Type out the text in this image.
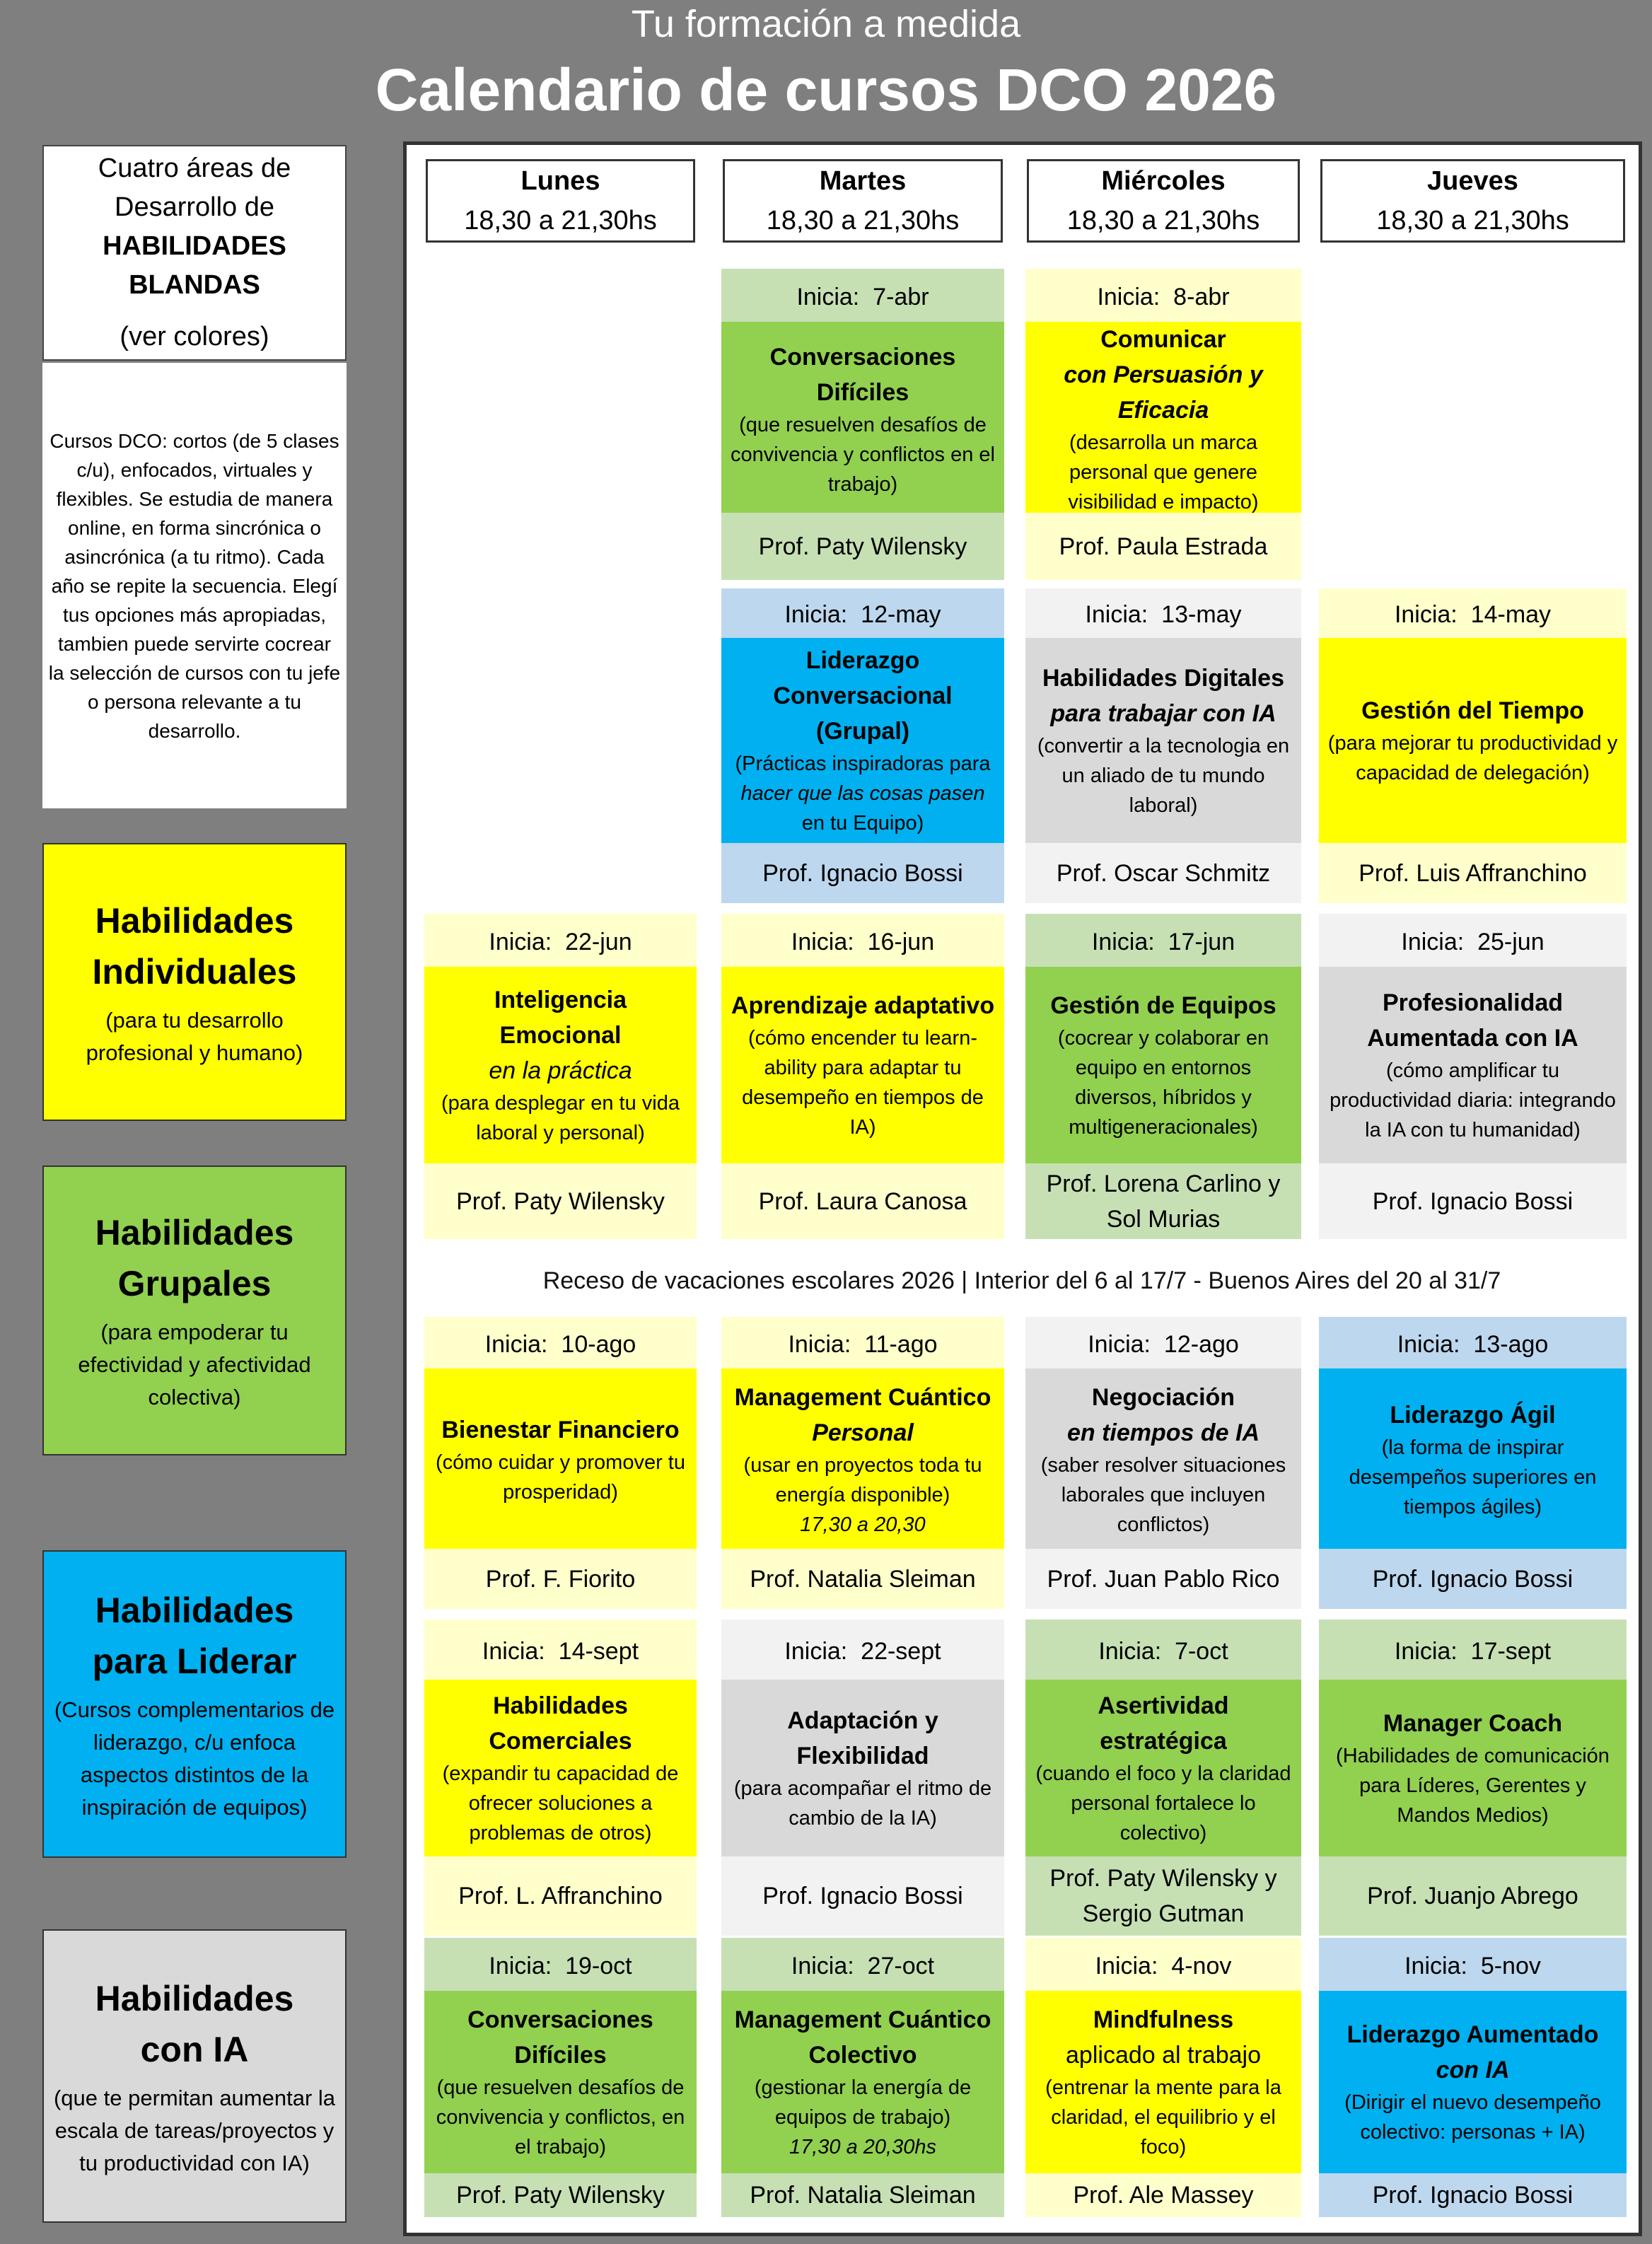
Tu formación a medida
Calendario de cursos DCO 2026
Cuatro áreas de
Desarrollo de
HABILIDADES
BLANDAS
(ver colores)
Cursos DCO: cortos (de 5 clases c/u), enfocados, virtuales y flexibles. Se estudia de manera online, en forma sincrónica o asincrónica (a tu ritmo). Cada año se repite la secuencia. Elegí tus opciones más apropiadas, tambien puede servirte cocrear la selección de cursos con tu jefe o persona relevante a tu desarrollo.
Habilidades
Individuales
(para tu desarrollo profesional y humano)
Habilidades
Grupales
(para empoderar tu efectividad y afectividad colectiva)
Habilidades
para Liderar
(Cursos complementarios de liderazgo, c/u enfoca aspectos distintos de la inspiración de equipos)
Habilidades
con IA
(que te permitan aumentar la escala de tareas/proyectos y tu productividad con IA)
Lunes
18,30 a 21,30hs
Martes
18,30 a 21,30hs
Miércoles
18,30 a 21,30hs
Jueves
18,30 a 21,30hs
Inicia: 7-abr
Conversaciones Difíciles
(que resuelven desafíos de convivencia y conflictos en el trabajo)
Prof. Paty Wilensky
Inicia: 8-abr
Comunicar
con Persuasión y Eficacia
(desarrolla un marca personal que genere visibilidad e impacto)
Prof. Paula Estrada
Inicia: 12-may
Liderazgo Conversacional (Grupal)
(Prácticas inspiradoras para hacer que las cosas pasen en tu Equipo)
Prof. Ignacio Bossi
Inicia: 13-may
Habilidades Digitales
para trabajar con IA
(convertir a la tecnologia en un aliado de tu mundo laboral)
Prof. Oscar Schmitz
Inicia: 14-may
Gestión del Tiempo
(para mejorar tu productividad y capacidad de delegación)
Prof. Luis Affranchino
Inicia: 22-jun
Inteligencia Emocional
en la práctica
(para desplegar en tu vida laboral y personal)
Prof. Paty Wilensky
Inicia: 16-jun
Aprendizaje adaptativo
(cómo encender tu learn-ability para adaptar tu desempeño en tiempos de IA)
Prof. Laura Canosa
Inicia: 17-jun
Gestión de Equipos
(cocrear y colaborar en equipo en entornos diversos, híbridos y multigeneracionales)
Prof. Lorena Carlino y Sol Murias
Inicia: 25-jun
Profesionalidad Aumentada con IA
(cómo amplificar tu productividad diaria: integrando la IA con tu humanidad)
Prof. Ignacio Bossi
Inicia: 10-ago
Bienestar Financiero
(cómo cuidar y promover tu prosperidad)
Prof. F. Fiorito
Inicia: 11-ago
Management Cuántico
Personal
(usar en proyectos toda tu energía disponible)
17,30 a 20,30
Prof. Natalia Sleiman
Inicia: 12-ago
Negociación
en tiempos de IA
(saber resolver situaciones laborales que incluyen conflictos)
Prof. Juan Pablo Rico
Inicia: 13-ago
Liderazgo Ágil
(la forma de inspirar desempeños superiores en tiempos ágiles)
Prof. Ignacio Bossi
Inicia: 14-sept
Habilidades Comerciales
(expandir tu capacidad de ofrecer soluciones a problemas de otros)
Prof. L. Affranchino
Inicia: 22-sept
Adaptación y Flexibilidad
(para acompañar el ritmo de cambio de la IA)
Prof. Ignacio Bossi
Inicia: 7-oct
Asertividad estratégica
(cuando el foco y la claridad personal fortalece lo colectivo)
Prof. Paty Wilensky y Sergio Gutman
Inicia: 17-sept
Manager Coach
(Habilidades de comunicación para Líderes, Gerentes y Mandos Medios)
Prof. Juanjo Abrego
Inicia: 19-oct
Conversaciones Difíciles
(que resuelven desafíos de convivencia y conflictos, en el trabajo)
Prof. Paty Wilensky
Inicia: 27-oct
Management Cuántico Colectivo
(gestionar la energía de equipos de trabajo)
17,30 a 20,30hs
Prof. Natalia Sleiman
Inicia: 4-nov
Mindfulness
aplicado al trabajo
(entrenar la mente para la claridad, el equilibrio y el foco)
Prof. Ale Massey
Inicia: 5-nov
Liderazgo Aumentado
con IA
(Dirigir el nuevo desempeño colectivo: personas + IA)
Prof. Ignacio Bossi
Receso de vacaciones escolares 2026 | Interior del 6 al 17/7 - Buenos Aires del 20 al 31/7
